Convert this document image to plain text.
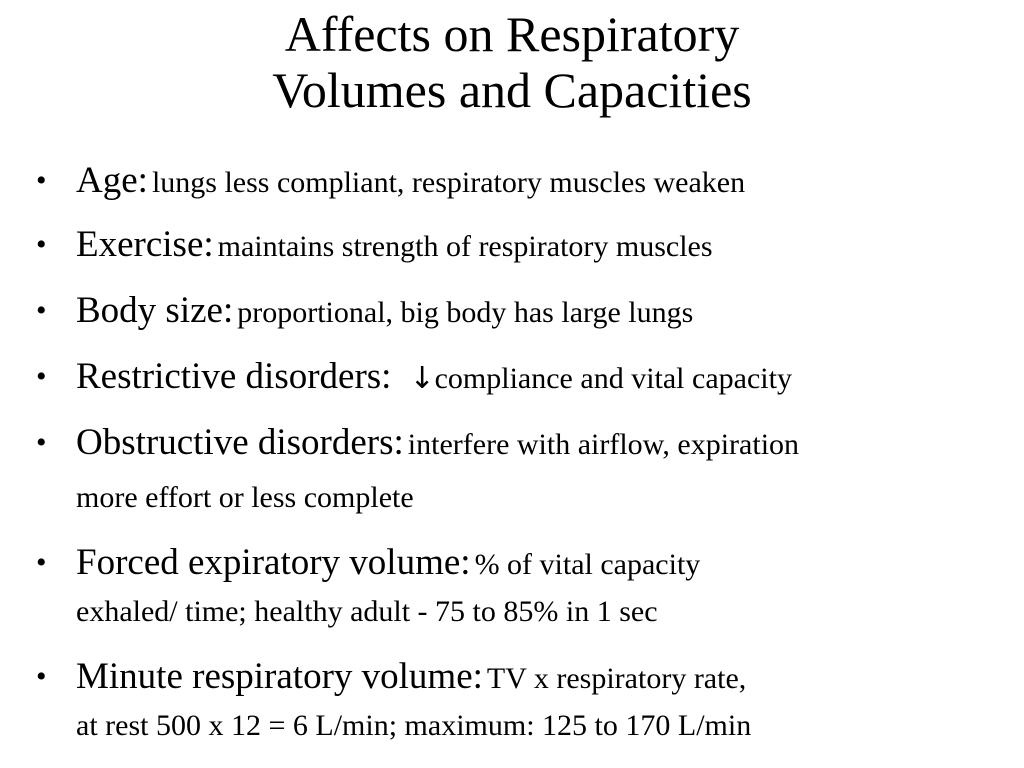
Affects on Respiratory
Volumes and Capacities
• Age: lungs less compliant, respiratory muscles weaken
• Exercise: maintains strength of respiratory muscles
• Body size: proportional, big body has large lungs
• Restrictive disorders: ↓compliance and vital capacity
• Obstructive disorders: interfere with airflow, expiration
more effort or less complete
• Forced expiratory volume: % of vital capacity
exhaled/ time; healthy adult - 75 to 85% in 1 sec
• Minute respiratory volume: TV x respiratory rate,
at rest 500 x 12 = 6 L/min; maximum: 125 to 170 L/min
